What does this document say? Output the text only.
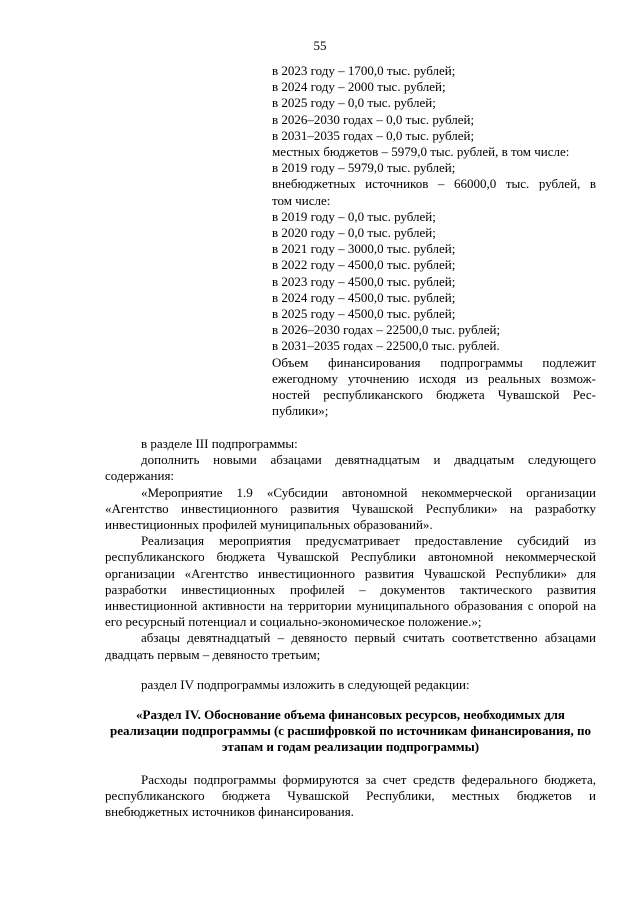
55
в 2023 году – 1700,0 тыс. рублей;
в 2024 году – 2000 тыс. рублей;
в 2025 году – 0,0 тыс. рублей;
в 2026–2030 годах – 0,0 тыс. рублей;
в 2031–2035 годах – 0,0 тыс. рублей;
местных бюджетов – 5979,0 тыс. рублей, в том числе:
в 2019 году – 5979,0 тыс. рублей;
внебюджетных источников – 66000,0 тыс. рублей, в
том числе:
в 2019 году – 0,0 тыс. рублей;
в 2020 году – 0,0 тыс. рублей;
в 2021 году – 3000,0 тыс. рублей;
в 2022 году – 4500,0 тыс. рублей;
в 2023 году – 4500,0 тыс. рублей;
в 2024 году – 4500,0 тыс. рублей;
в 2025 году – 4500,0 тыс. рублей;
в 2026–2030 годах – 22500,0 тыс. рублей;
в 2031–2035 годах – 22500,0 тыс. рублей.
Объем финансирования подпрограммы подлежит
ежегодному уточнению исходя из реальных возмож-
ностей республиканского бюджета Чувашской Рес-
публики»;

в разделе III подпрограммы:

дополнить новыми абзацами девятнадцатым и двадцатым следующего содержания:

«Мероприятие 1.9 «Субсидии автономной некоммерческой организации «Агентство инвестиционного развития Чувашской Республики» на разработку инвестиционных профилей муниципальных образований».

Реализация мероприятия предусматривает предоставление субсидий из республиканского бюджета Чувашской Республики автономной некоммерческой организации «Агентство инвестиционного развития Чувашской Республики» для разработки инвестиционных профилей – документов тактического развития инвестиционной активности на территории муниципального образования с опорой на его ресурсный потенциал и социально-экономическое положение.»;

абзацы девятнадцатый – девяносто первый считать соответственно абзацами двадцать первым – девяносто третьим;

раздел IV подпрограммы изложить в следующей редакции:

«Раздел IV. Обоснование объема финансовых ресурсов, необходимых для реализации подпрограммы (с расшифровкой по источникам финансирования, по этапам и годам реализации подпрограммы)

Расходы подпрограммы формируются за счет средств федерального бюджета, республиканского бюджета Чувашской Республики, местных бюджетов и внебюджетных источников финансирования.
